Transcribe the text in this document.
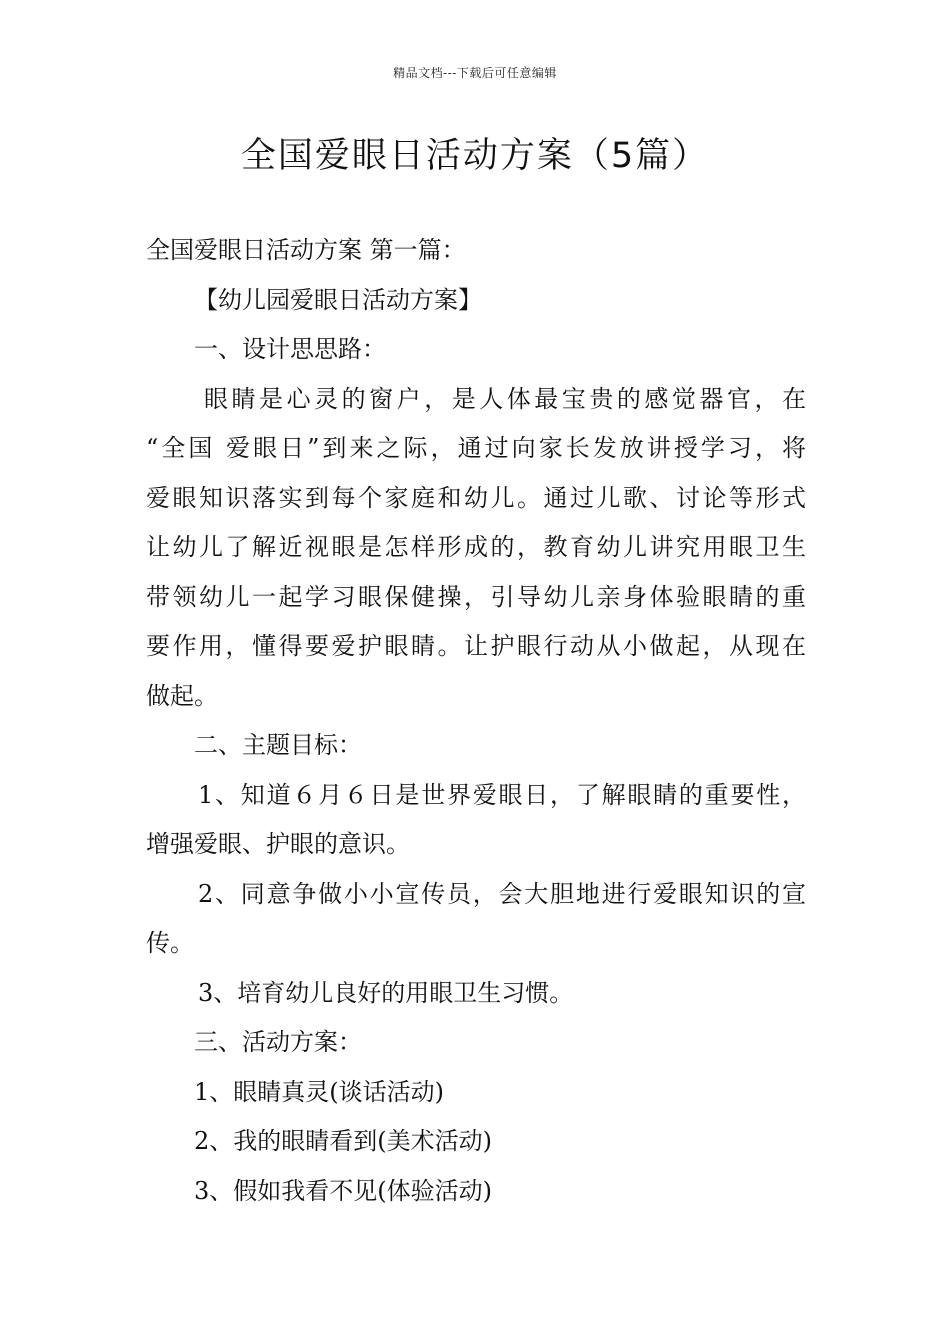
精品文档---下载后可任意编辑
全国爱眼日活动方案（5篇）
全国爱眼日活动方案 第一篇：
【幼儿园爱眼日活动方案】
一、设计思思路：
眼睛是心灵的窗户，是人体最宝贵的感觉器官，在
“全国 爱眼日”到来之际，通过向家长发放讲授学习，将
爱眼知识落实到每个家庭和幼儿。通过儿歌、讨论等形式
让幼儿了解近视眼是怎样形成的，教育幼儿讲究用眼卫生
带领幼儿一起学习眼保健操，引导幼儿亲身体验眼睛的重
要作用，懂得要爱护眼睛。让护眼行动从小做起，从现在
做起。
二、主题目标：
1、知道６月６日是世界爱眼日，了解眼睛的重要性，
增强爱眼、护眼的意识。
2、同意争做小小宣传员，会大胆地进行爱眼知识的宣
传。
3、培育幼儿良好的用眼卫生习惯。
三、活动方案：
1、眼睛真灵(谈话活动)
2、我的眼睛看到(美术活动)
3、假如我看不见(体验活动)
